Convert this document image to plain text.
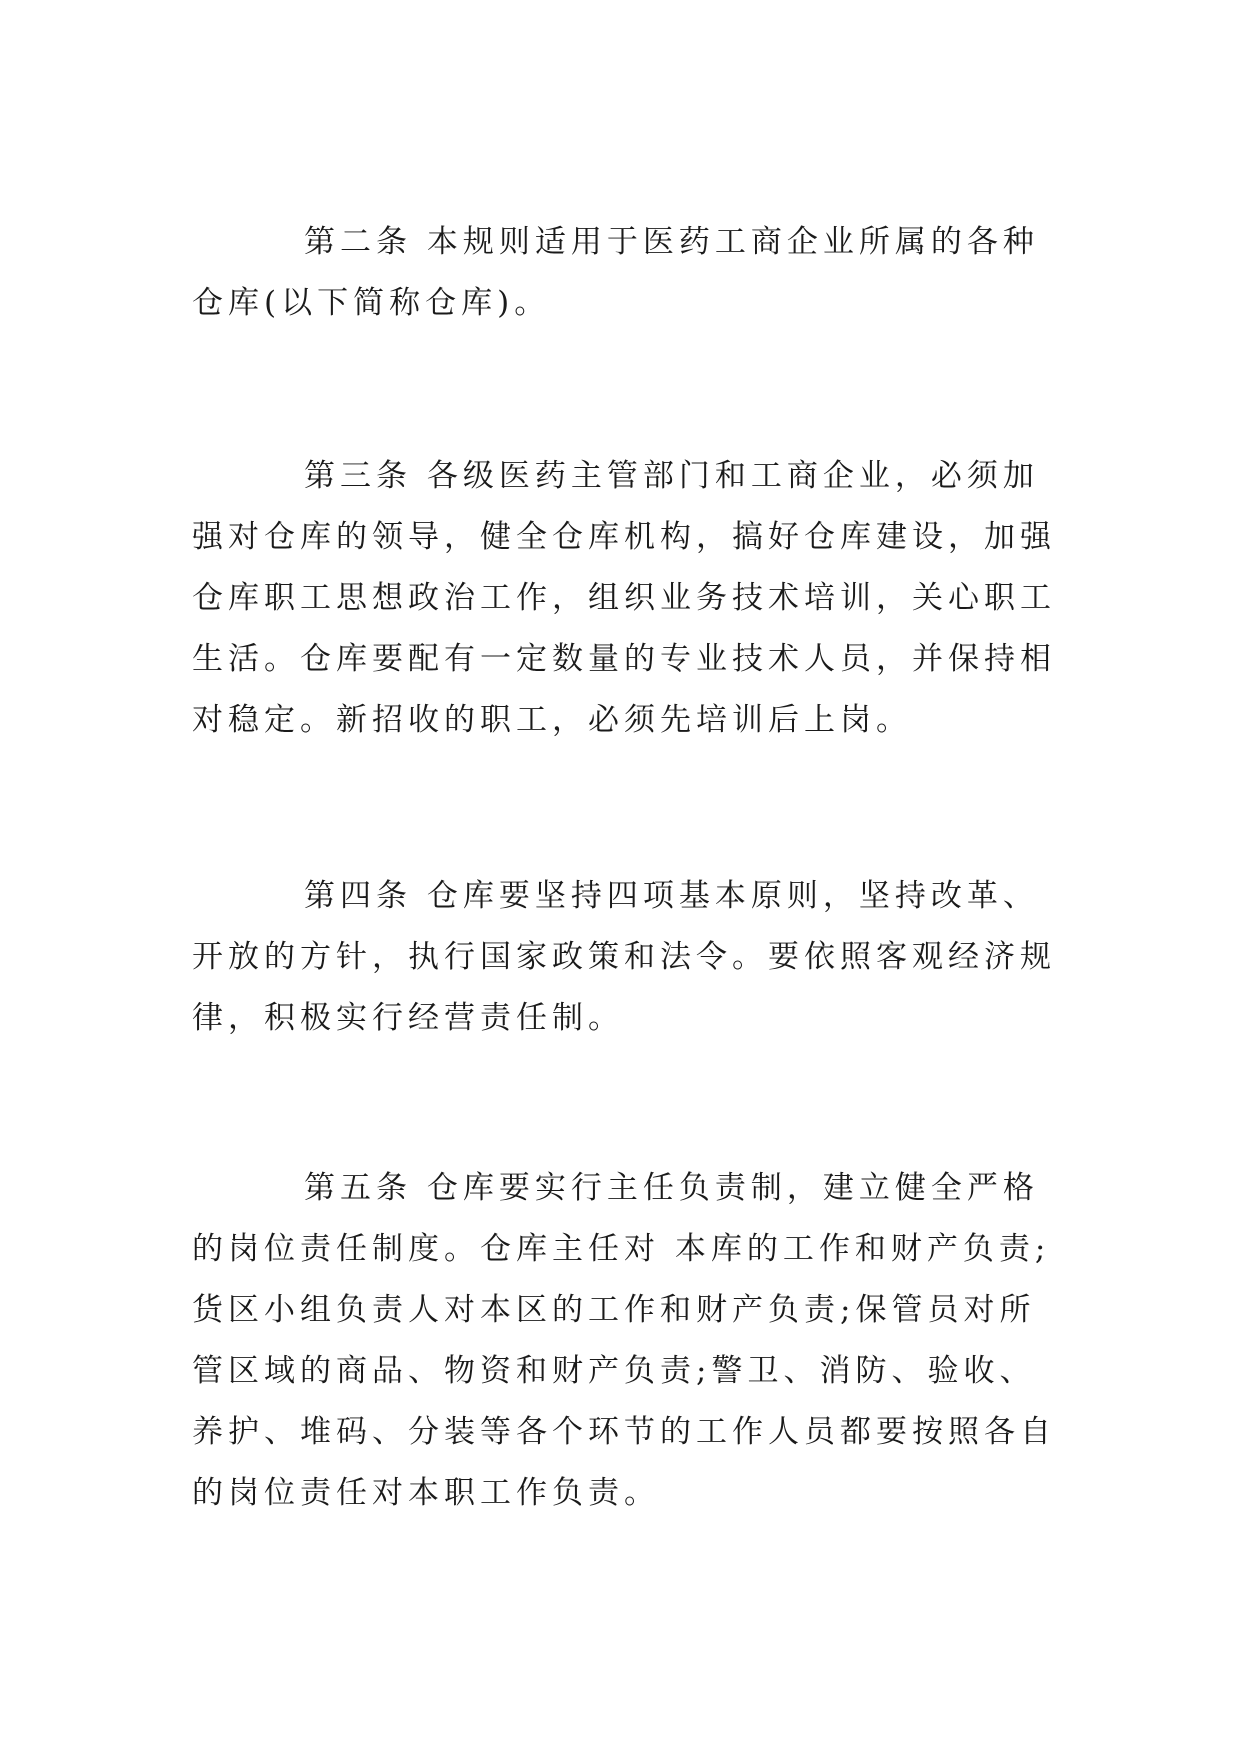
第二条 本规则适用于医药工商企业所属的各种仓库(以下简称仓库)。

第三条 各级医药主管部门和工商企业，必须加强对仓库的领导，健全仓库机构，搞好仓库建设，加强仓库职工思想政治工作，组织业务技术培训，关心职工生活。仓库要配有一定数量的专业技术人员，并保持相对稳定。新招收的职工，必须先培训后上岗。

第四条 仓库要坚持四项基本原则，坚持改革、开放的方针，执行国家政策和法令。要依照客观经济规律，积极实行经营责任制。

第五条 仓库要实行主任负责制，建立健全严格的岗位责任制度。仓库主任对 本库的工作和财产负责;货区小组负责人对本区的工作和财产负责;保管员对所管区域的商品、物资和财产负责;警卫、消防、验收、养护、堆码、分装等各个环节的工作人员都要按照各自的岗位责任对本职工作负责。
